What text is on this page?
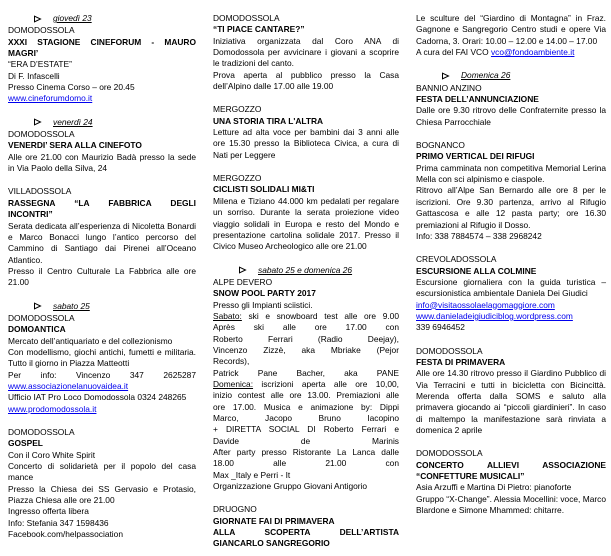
giovedì 23
DOMODOSSOLA
XXXI STAGIONE CINEFORUM - MAURO
MAGRI’
“ERA D’ESTATE”
Di F. Infascelli
Presso Cinema Corso – ore 20.45
www.cineforumdomo.it
venerdì 24
DOMODOSSOLA
VENERDI’ SERA ALLA CINEFOTO
Alle ore 21.00 con Maurizio Badà presso la sede in Via Paolo della Silva, 24
VILLADOSSOLA
RASSEGNA “LA FABBRICA DEGLI
INCONTRI”
Serata dedicata all’esperienza di Nicoletta Bonardi e Marco Bonacci lungo l’antico percorso del Cammino di Santiago dai Pirenei all’Oceano Atlantico.
Presso il Centro Culturale La Fabbrica alle ore 21.00
sabato 25
DOMODOSSOLA
DOMOANTICA
Mercato dell’antiquariato e del collezionismo
Con modellismo, giochi antichi, fumetti e militaria. Tutto il giorno in Piazza Matteotti
Per info: Vincenzo 347 2625287
www.associazionelanuovaidea.it
Ufficio IAT Pro Loco Domodossola 0324 248265
www.prodomodossola.it
DOMODOSSOLA
GOSPEL
Con il Coro White Spirit
Concerto di solidarietà per il popolo del casa mance
Presso la Chiesa dei SS Gervasio e Protasio, Piazza Chiesa alle ore 21.00
Ingresso offerta libera
Info: Stefania 347 1598436
Facebook.com/helpassociation
DOMODOSSOLA
“TI PIACE CANTARE?”
Iniziativa organizzata dal Coro ANA di Domodossola per avvicinare i giovani a scoprire le tradizioni del canto.
Prova aperta al pubblico presso la Casa dell’Alpino dalle 17.00 alle 19.00
MERGOZZO
UNA STORIA TIRA L'ALTRA
Letture ad alta voce per bambini dai 3 anni alle ore 15.30 presso la Biblioteca Civica, a cura di Nati per Leggere
MERGOZZO
CICLISTI SOLIDALI MI&TI
Milena e Tiziano 44.000 km pedalati per regalare un sorriso. Durante la serata proiezione video viaggio solidali in Europa e resto del Mondo e presentazione cartolina solidale 2017. Presso il Civico Museo Archeologico alle ore 21.00
sabato 25 e domenica 26
ALPE DEVERO
SNOW POOL PARTY 2017
Presso gli Impianti sciistici.
Sabato: ski e snowboard test alle ore 9.00
Après ski alle ore 17.00 con
Roberto Ferrari (Radio Deejay),
Vincenzo Zizzè, aka Mbriake (Pejor
Records),
Patrick Pane Bacher, aka PANE
Domenica: iscrizioni aperta alle ore 10,00,
inizio contest alle ore 13.00. Premiazioni alle
ore 17.00. Musica e animazione by: Dippi
Marco, Jacopo Bruno Iacopino
+ DIRETTA SOCIAL DI Roberto Ferrari e
Davide de Marinis
After party presso Ristorante La Lanca dalle
18.00 alle 21.00 con
Max _Italy e Perri - It
Organizzazione Gruppo Giovani Antigorio
DRUOGNO
GIORNATE FAI DI PRIMAVERA
ALLA SCOPERTA DELL’ARTISTA
GIANCARLO SANGREGORIO
Le sculture del “Giardino di Montagna” in Fraz. Gagnone e Sangregorio Centro studi e opere Via Cadorna, 3. Orari: 10.00 – 12.00 e 14.00 – 17.00
A cura del FAI VCO vco@fondoambiente.it
Domenica 26
BANNIO ANZINO
FESTA DELL’ANNUNCIAZIONE
Dalle ore 9.30 ritrovo delle Confraternite presso la Chiesa Parrocchiale
BOGNANCO
PRIMO VERTICAL DEI RIFUGI
Prima camminata non competitiva Memorial Lerina Mella con sci alpinismo e ciaspole.
Ritrovo all’Alpe San Bernardo alle ore 8 per le iscrizioni. Ore 9.30 partenza, arrivo al Rifugio Gattascosa e alle 12 pasta party; ore 16.30 premiazioni al Rifugio il Dosso.
Info: 338 7884574 – 338 2968242
CREVOLADOSSOLA
ESCURSIONE ALLA COLMINE
Escursione giornaliera con la guida turistica – escursionistica ambientale Daniela Dei Giudici
info@visitaossolaelagomaggiore.com
www.danieladeigiudiciblog.wordpress.com
339 6946452
DOMODOSSOLA
FESTA DI PRIMAVERA
Alle ore 14.30 ritrovo presso il Giardino Pubblico di Via Terracini e tutti in bicicletta con Bicincittà. Merenda offerta dalla SOMS e saluto alla primavera giocando ai “piccoli giardinieri”. In caso di maltempo la manifestazione sarà rinviata a domenica 2 aprile
DOMODOSSOLA
CONCERTO ALLIEVI ASSOCIAZIONE
“CONFETTURE MUSICALI”
Asia Arzuffi e Martina Di Pietro: pianoforte
Gruppo “X-Change”. Alessia Mocellini: voce, Marco Blardone e Simone Mhammed: chitarre.
